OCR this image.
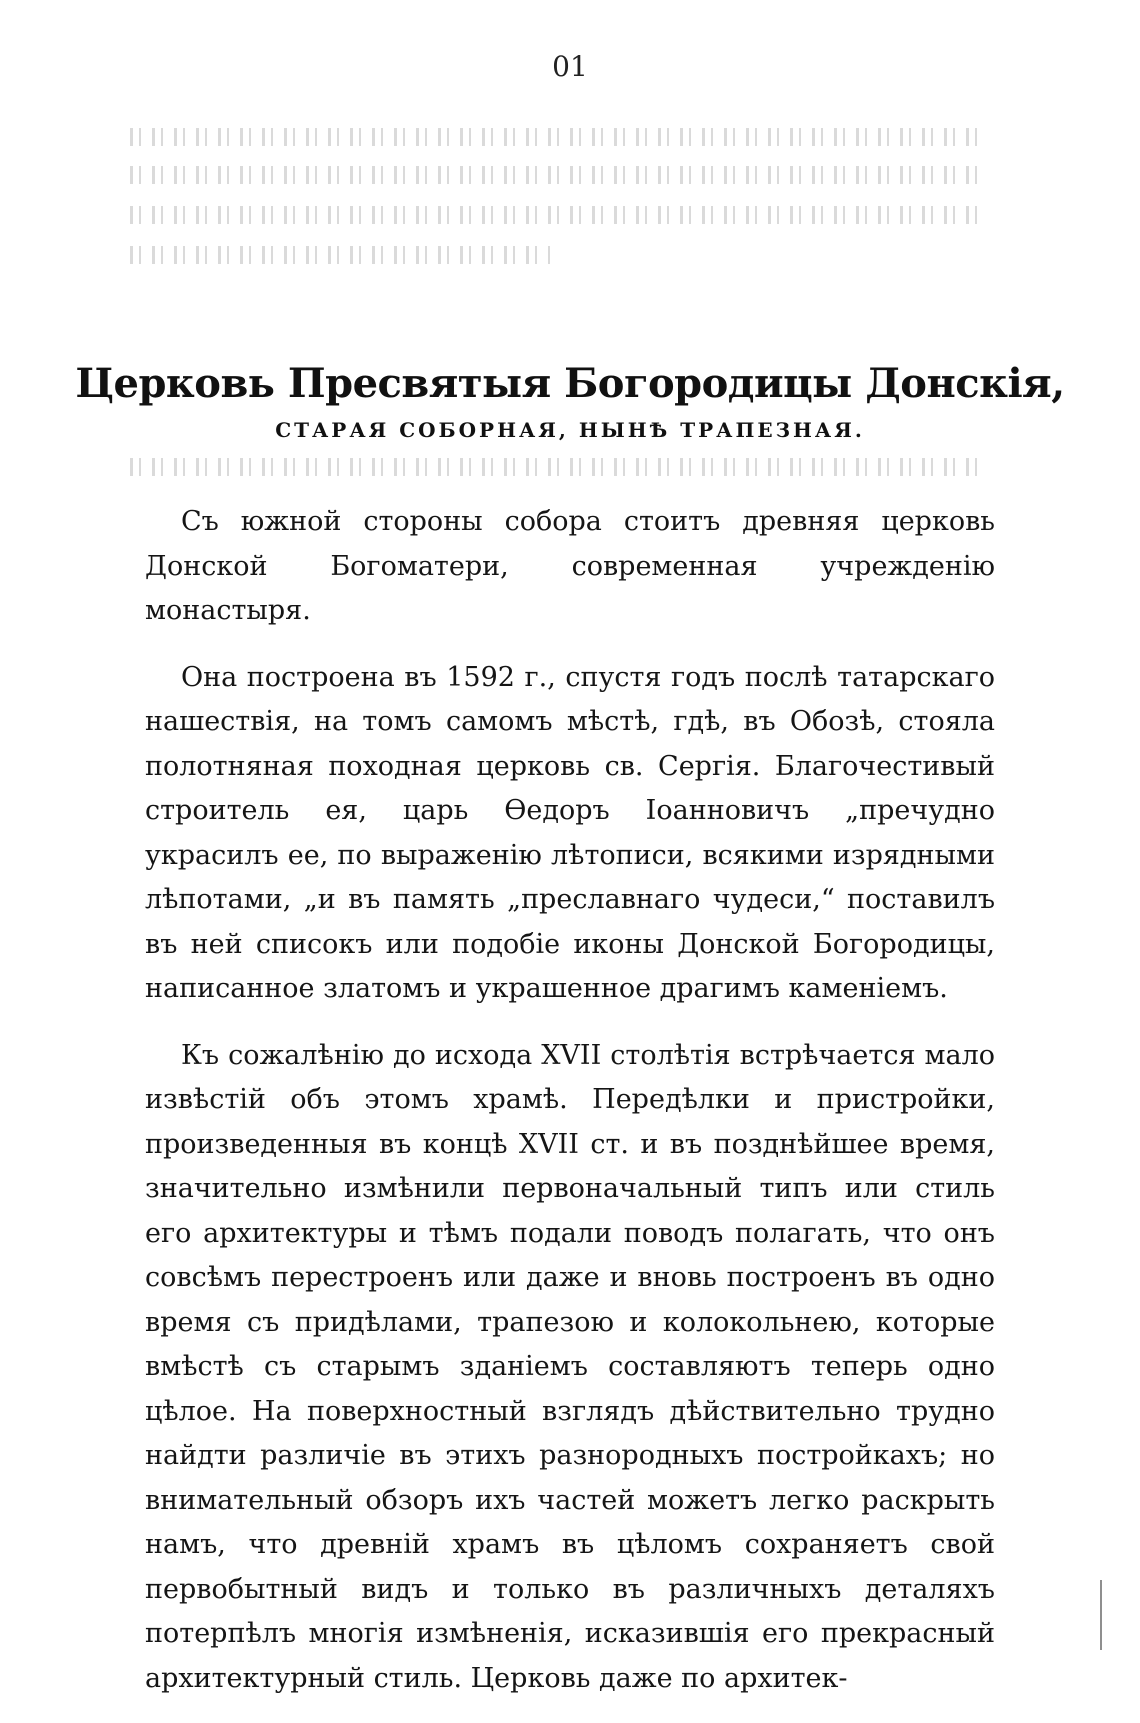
01
Церковь Пресвятыя Богородицы Донскія,
СТАРАЯ СОБОРНАЯ, НЫНѢ ТРАПЕЗНАЯ.

Съ южной стороны собора стоитъ древняя церковь Донской Богоматери, современная учрежденію монастыря.

Она построена въ 1592 г., спустя годъ послѣ татарскаго нашествія, на томъ самомъ мѣстѣ, гдѣ, въ Обозѣ, стояла полотняная походная церковь св. Сергія. Благочестивый строитель ея, царь Ѳедоръ Іоанновичъ „пречудно украсилъ ее, по выраженію лѣтописи, всякими изрядными лѣпотами, „и въ память „преславнаго чудеси,“ поставилъ въ ней списокъ или подобіе иконы Донской Богородицы, написанное златомъ и украшенное драгимъ каменіемъ.

Къ сожалѣнію до исхода XVII столѣтія встрѣчается мало извѣстій объ этомъ храмѣ. Передѣлки и пристройки, произведенныя въ концѣ XVII ст. и въ позднѣйшее время, значительно измѣнили первоначальный типъ или стиль его архитектуры и тѣмъ подали поводъ полагать, что онъ совсѣмъ перестроенъ или даже и вновь построенъ въ одно время съ придѣлами, трапезою и колокольнею, которые вмѣстѣ съ старымъ зданіемъ составляютъ теперь одно цѣлое. На поверхностный взглядъ дѣйствительно трудно найдти различіе въ этихъ разнородныхъ постройкахъ; но внимательный обзоръ ихъ частей можетъ легко раскрыть намъ, что древній храмъ въ цѣломъ сохраняетъ свой первобытный видъ и только въ различныхъ деталяхъ потерпѣлъ многія измѣненія, исказившія его прекрасный архитектурный стиль. Церковь даже по архитек-
